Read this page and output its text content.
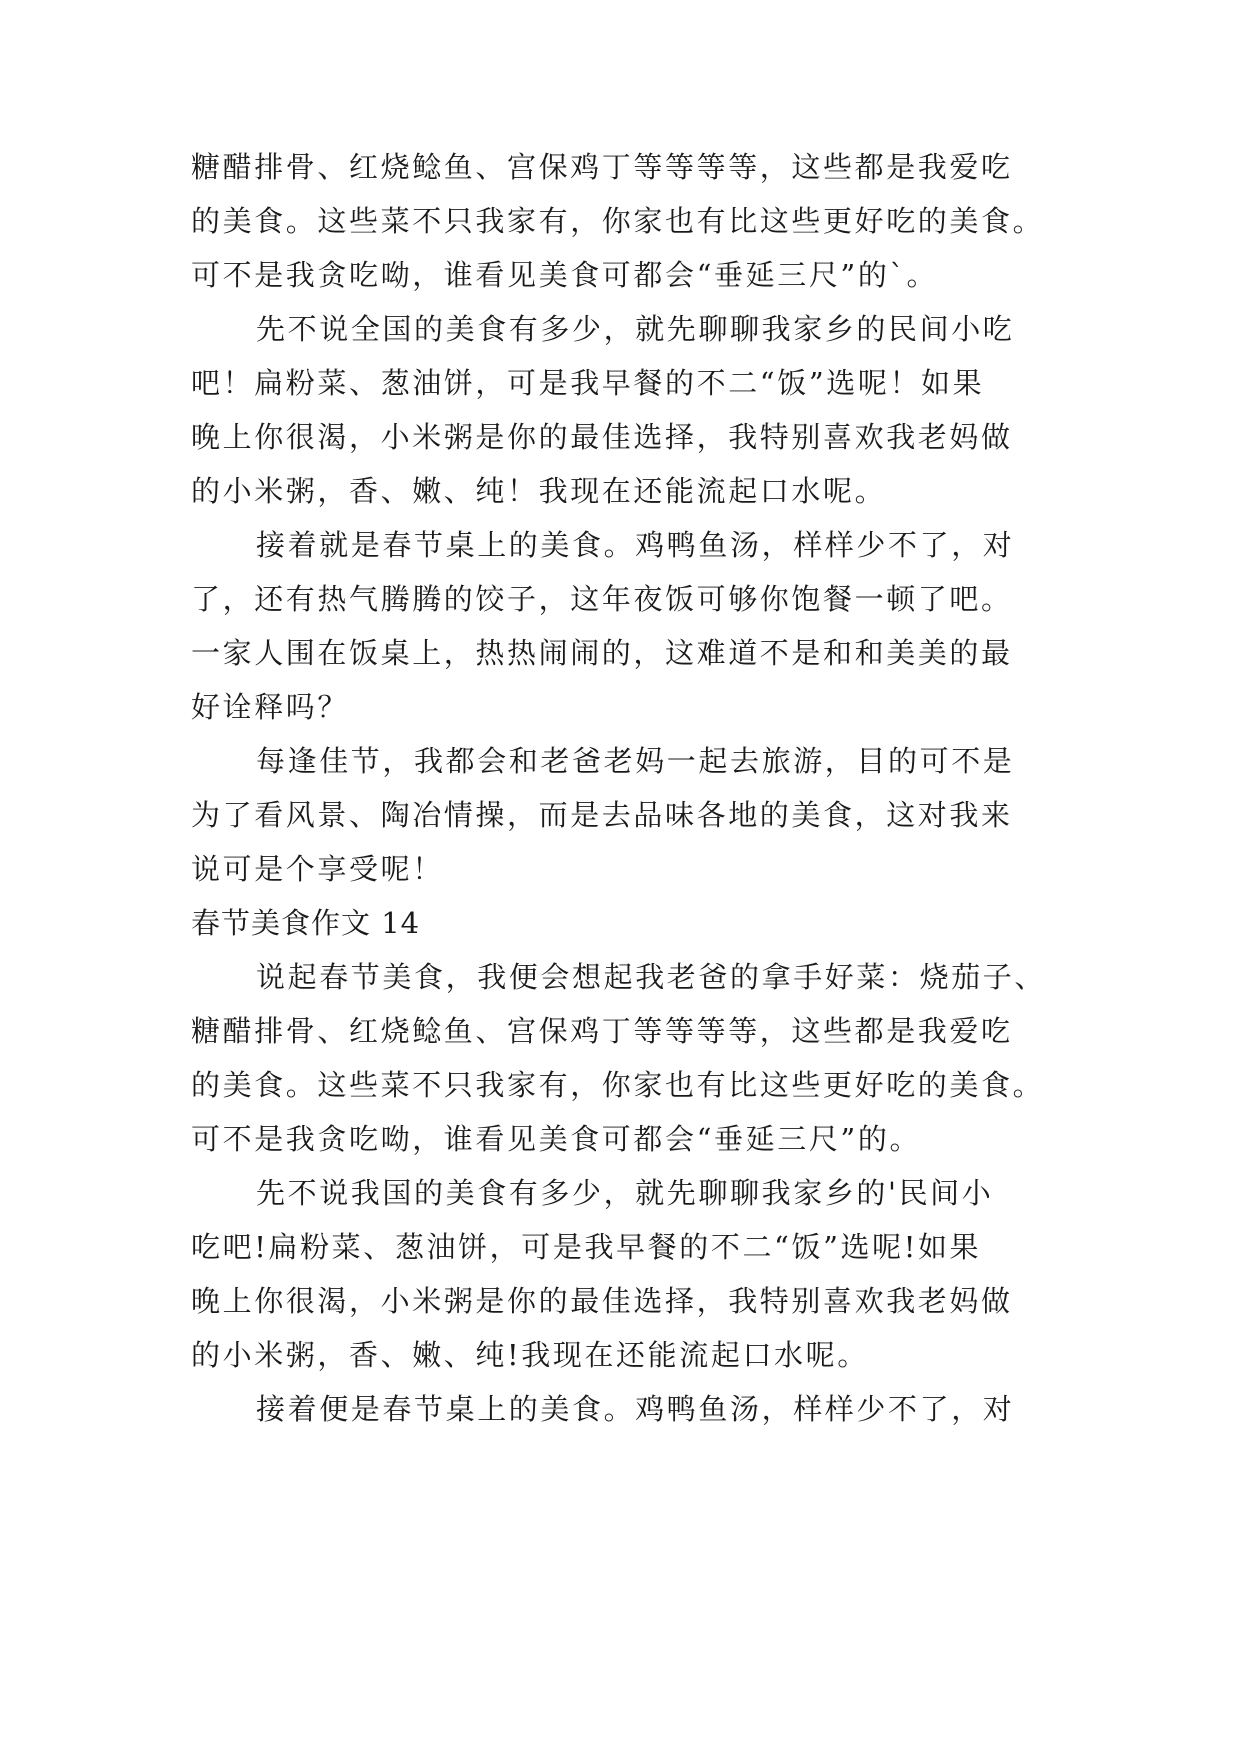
糖醋排骨、红烧鲶鱼、宫保鸡丁等等等等，这些都是我爱吃
的美食。这些菜不只我家有，你家也有比这些更好吃的美食。
可不是我贪吃呦，谁看见美食可都会“垂延三尺”的`。
先不说全国的美食有多少，就先聊聊我家乡的民间小吃
吧！扁粉菜、葱油饼，可是我早餐的不二“饭”选呢！如果
晚上你很渴，小米粥是你的最佳选择，我特别喜欢我老妈做
的小米粥，香、嫩、纯！我现在还能流起口水呢。
接着就是春节桌上的美食。鸡鸭鱼汤，样样少不了，对
了，还有热气腾腾的饺子，这年夜饭可够你饱餐一顿了吧。
一家人围在饭桌上，热热闹闹的，这难道不是和和美美的最
好诠释吗？
每逢佳节，我都会和老爸老妈一起去旅游，目的可不是
为了看风景、陶冶情操，而是去品味各地的美食，这对我来
说可是个享受呢！
春节美食作文 14
说起春节美食，我便会想起我老爸的拿手好菜：烧茄子、
糖醋排骨、红烧鲶鱼、宫保鸡丁等等等等，这些都是我爱吃
的美食。这些菜不只我家有，你家也有比这些更好吃的美食。
可不是我贪吃呦，谁看见美食可都会“垂延三尺”的。
先不说我国的美食有多少，就先聊聊我家乡的'民间小
吃吧!扁粉菜、葱油饼，可是我早餐的不二“饭”选呢!如果
晚上你很渴，小米粥是你的最佳选择，我特别喜欢我老妈做
的小米粥，香、嫩、纯!我现在还能流起口水呢。
接着便是春节桌上的美食。鸡鸭鱼汤，样样少不了，对
